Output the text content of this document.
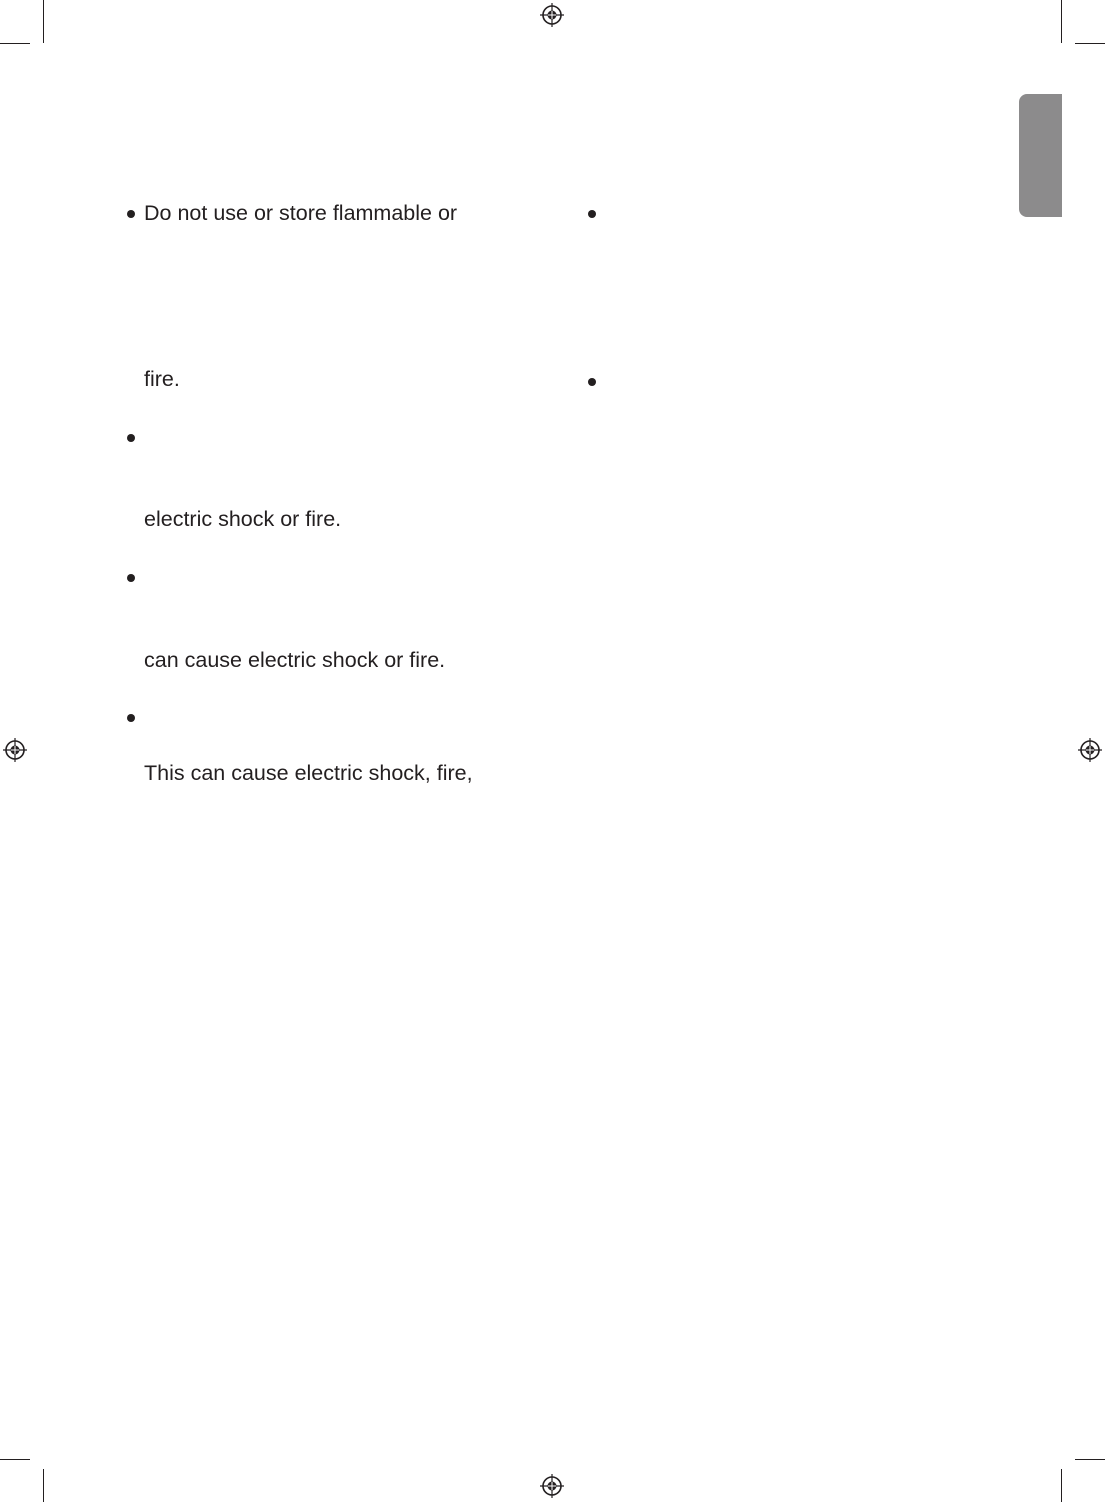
Do not use or store flammable or
fire.
electric shock or fire.
can cause electric shock or fire.
This can cause electric shock, fire,
